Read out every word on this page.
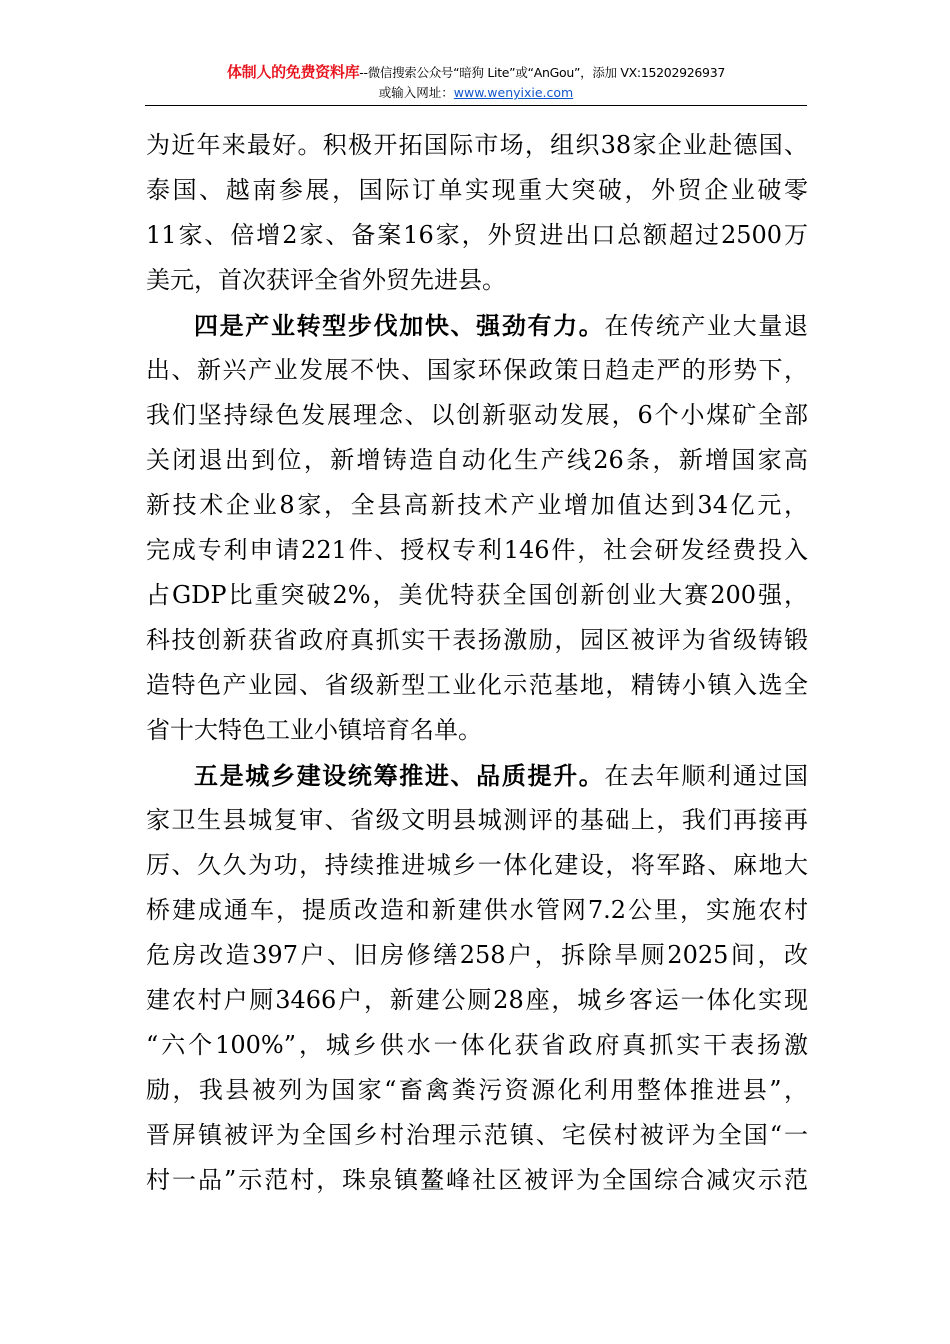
体制人的免费资料库--微信搜索公众号“暗狗 Lite”或“AnGou”，添加 VX:15202926937
或输入网址：www.wenyixie.com
为近年来最好。积极开拓国际市场，组织38家企业赴德国、
泰国、越南参展，国际订单实现重大突破，外贸企业破零
11家、倍增2家、备案16家，外贸进出口总额超过2500万
美元，首次获评全省外贸先进县。
四是产业转型步伐加快、强劲有力。在传统产业大量退
出、新兴产业发展不快、国家环保政策日趋走严的形势下，
我们坚持绿色发展理念、以创新驱动发展，6个小煤矿全部
关闭退出到位，新增铸造自动化生产线26条，新增国家高
新技术企业8家，全县高新技术产业增加值达到34亿元，
完成专利申请221件、授权专利146件，社会研发经费投入
占GDP比重突破2%，美优特获全国创新创业大赛200强，
科技创新获省政府真抓实干表扬激励，园区被评为省级铸锻
造特色产业园、省级新型工业化示范基地，精铸小镇入选全
省十大特色工业小镇培育名单。
五是城乡建设统筹推进、品质提升。在去年顺利通过国
家卫生县城复审、省级文明县城测评的基础上，我们再接再
厉、久久为功，持续推进城乡一体化建设，将军路、麻地大
桥建成通车，提质改造和新建供水管网7.2公里，实施农村
危房改造397户、旧房修缮258户，拆除旱厕2025间，改
建农村户厕3466户，新建公厕28座，城乡客运一体化实现
“六个100%”，城乡供水一体化获省政府真抓实干表扬激
励，我县被列为国家“畜禽粪污资源化利用整体推进县”，
晋屏镇被评为全国乡村治理示范镇、宅侯村被评为全国“一
村一品”示范村，珠泉镇鳌峰社区被评为全国综合减灾示范
